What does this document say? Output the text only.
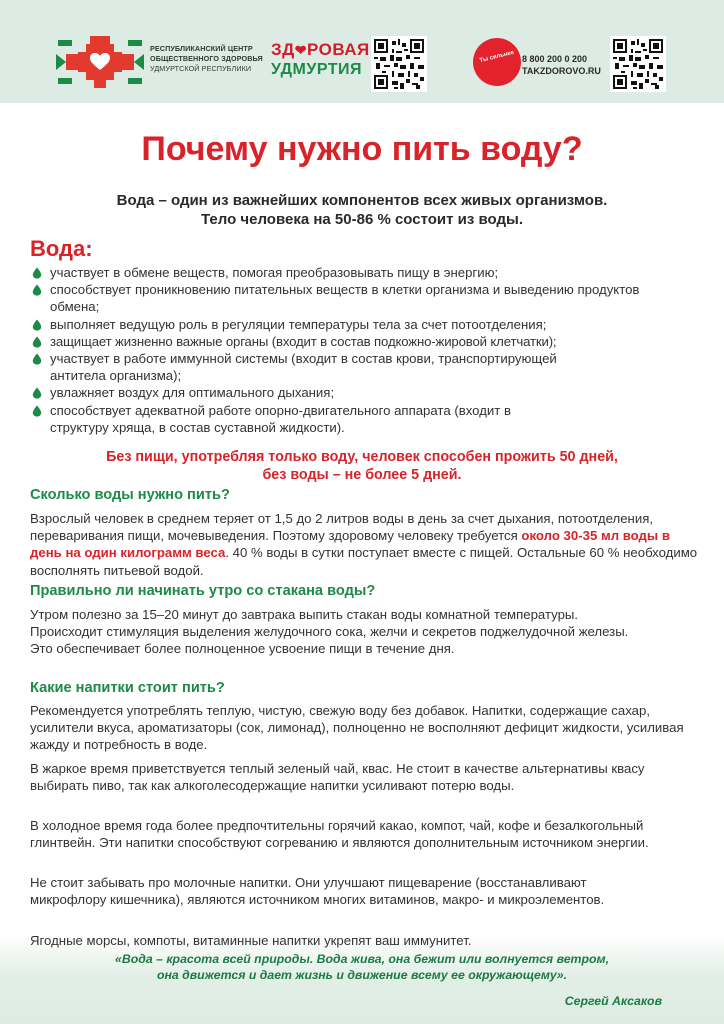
РЕСПУБЛИКАНСКИЙ ЦЕНТР
ОБЩЕСТВЕННОГО ЗДОРОВЬЯ
УДМУРТСКОЙ РЕСПУБЛИКИ
ЗД❤РОВАЯ
УДМУРТИЯ
Ты сильнее 8 800 200 0 200
TAKZDOROVO.RU
Почему нужно пить воду?
Вода – один из важнейших компонентов всех живых организмов.
Тело человека на 50-86 % состоит из воды.
Вода:
участвует в обмене веществ, помогая преобразовывать пищу в энергию;
способствует проникновению питательных веществ в клетки организма и выведению продуктов обмена;
выполняет ведущую роль в регуляции температуры тела за счет потоотделения;
защищает жизненно важные органы (входит в состав подкожно-жировой клетчатки);
участвует в работе иммунной системы (входит в состав крови, транспортирующей антитела организма);
увлажняет воздух для оптимального дыхания;
способствует адекватной работе опорно-двигательного аппарата (входит в структуру хряща, в состав суставной жидкости).
Без пищи, употребляя только воду, человек способен прожить 50 дней,
без воды – не более 5 дней.
Сколько воды нужно пить?

Взрослый человек в среднем теряет от 1,5 до 2 литров воды в день за счет дыхания, потоотделения, переваривания пищи, мочевыведения. Поэтому здоровому человеку требуется около 30-35 мл воды в день на один килограмм веса. 40 % воды в сутки поступает вместе с пищей. Остальные 60 % необходимо восполнять питьевой водой.

Правильно ли начинать утро со стакана воды?

Утром полезно за 15–20 минут до завтрака выпить стакан воды комнатной температуры. Происходит стимуляция выделения желудочного сока, желчи и секретов поджелудочной железы. Это обеспечивает более полноценное усвоение пищи в течение дня.

Какие напитки стоит пить?

Рекомендуется употреблять теплую, чистую, свежую воду без добавок. Напитки, содержащие сахар, усилители вкуса, ароматизаторы (сок, лимонад), полноценно не восполняют дефицит жидкости, усиливая жажду и потребность в воде.

В жаркое время приветствуется теплый зеленый чай, квас. Не стоит в качестве альтернативы квасу выбирать пиво, так как алкоголесодержащие напитки усиливают потерю воды.

В холодное время года более предпочтительны горячий какао, компот, чай, кофе и безалкогольный глинтвейн. Эти напитки способствуют согреванию и являются дополнительным источником энергии.

Не стоит забывать про молочные напитки. Они улучшают пищеварение (восстанавливают микрофлору кишечника), являются источником многих витаминов, макро- и микроэлементов.

Ягодные морсы, компоты, витаминные напитки укрепят ваш иммунитет.

«Вода – красота всей природы. Вода жива, она бежит или волнуется ветром,
она движется и дает жизнь и движение всему ее окружающему».
Сергей Аксаков
